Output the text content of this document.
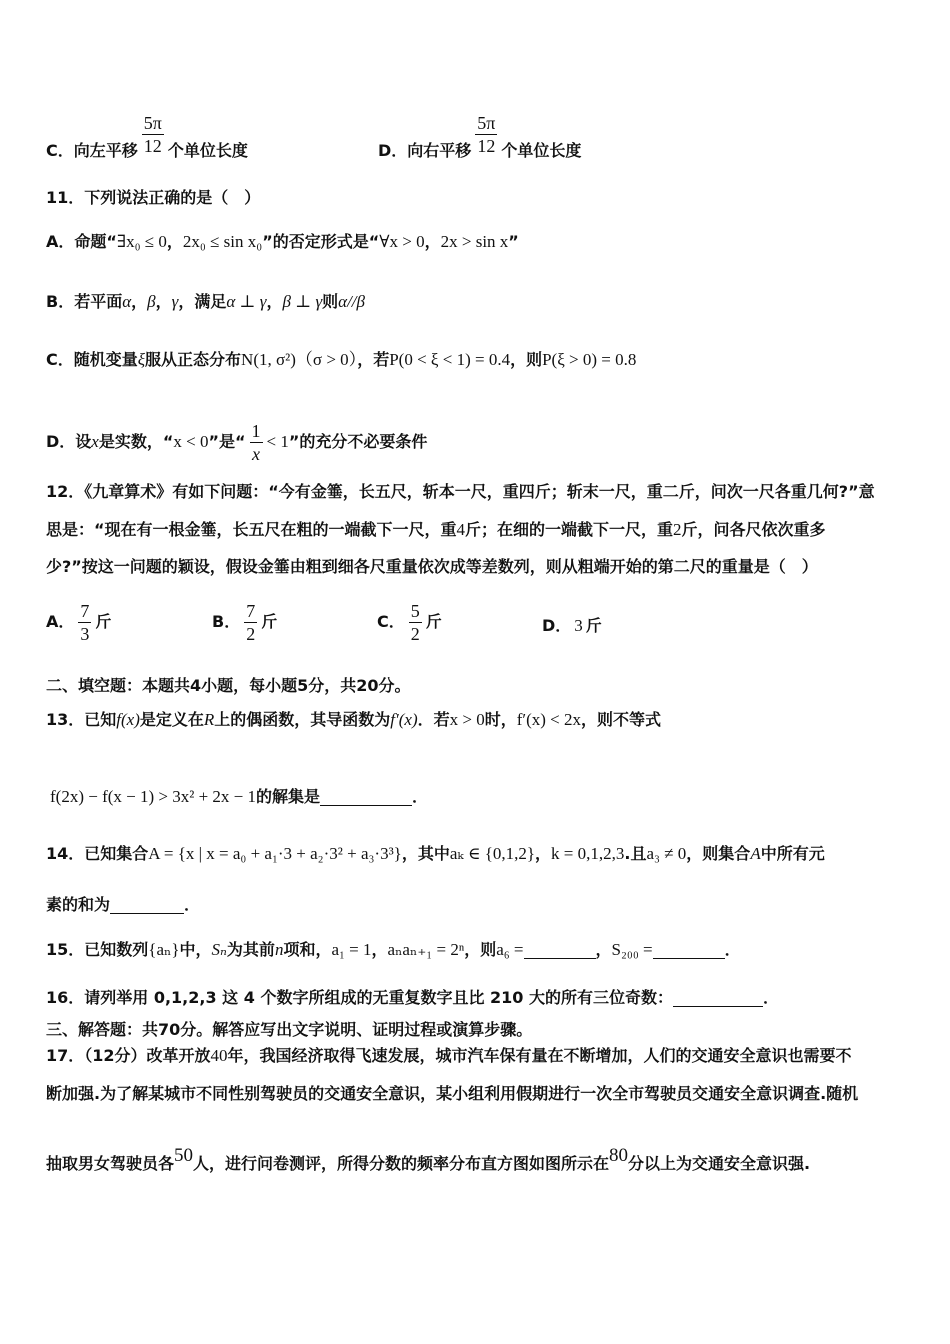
C．向左平移 $\frac{5\pi}{12}$ 个单位长度	D．向右平移 $\frac{5\pi}{12}$ 个单位长度
11．下列说法正确的是（　）
A．命题“∃x₀ ≤ 0，2x₀ ≤ sin x₀”的否定形式是“∀x > 0，2x > sin x”
B．若平面α，β，γ，满足α ⊥ γ，β ⊥ γ则α//β
C．随机变量ξ服从正态分布N(1, σ²)（σ > 0），若P(0 < ξ < 1) = 0.4，则P(ξ > 0) = 0.8
D．设x是实数，“x < 0”是“ $\frac{1}{x} < 1$”的充分不必要条件
12．《九章算术》有如下问题：“今有金箠，长五尺，斩本一尺，重四斤；斩末一尺，重二斤，问次一尺各重几何?”意
思是：“现在有一根金箠，长五尺在粗的一端截下一尺，重4斤；在细的一端截下一尺，重2斤，问各尺依次重多
少?”按这一问题的颖设，假设金箠由粗到细各尺重量依次成等差数列，则从粗端开始的第二尺的重量是（　）
A． $\frac{7}{3}$ 斤	B． $\frac{7}{2}$ 斤	C． $\frac{5}{2}$ 斤	D． 3 斤
二、填空题：本题共4小题，每小题5分，共20分。
13．已知f(x)是定义在R上的偶函数，其导函数为f′(x)．若x > 0时，f′(x) < 2x，则不等式
f(2x) − f(x − 1) > 3x² + 2x − 1的解集是	．
14．已知集合A = {x | x = a₀ + a₁·3 + a₂·3² + a₃·3³}，其中aₖ ∈ {0,1,2}，k = 0,1,2,3.且a₃ ≠ 0，则集合A中所有元
素的和为	．
15．已知数列{aₙ}中，Sₙ为其前n项和，a₁ = 1，aₙaₙ₊₁ = 2ⁿ，则a₆ =	，S₂₀₀ =	．
16．请列举用 0,1,2,3 这 4 个数字所组成的无重复数字且比 210 大的所有三位奇数：	．
三、解答题：共70分。解答应写出文字说明、证明过程或演算步骤。
17．（12分）改革开放40年，我国经济取得飞速发展，城市汽车保有量在不断增加，人们的交通安全意识也需要不
断加强.为了解某城市不同性别驾驶员的交通安全意识，某小组利用假期进行一次全市驾驶员交通安全意识调查.随机
抽取男女驾驶员各50人，进行问卷测评，所得分数的频率分布直方图如图所示在80分以上为交通安全意识强.
